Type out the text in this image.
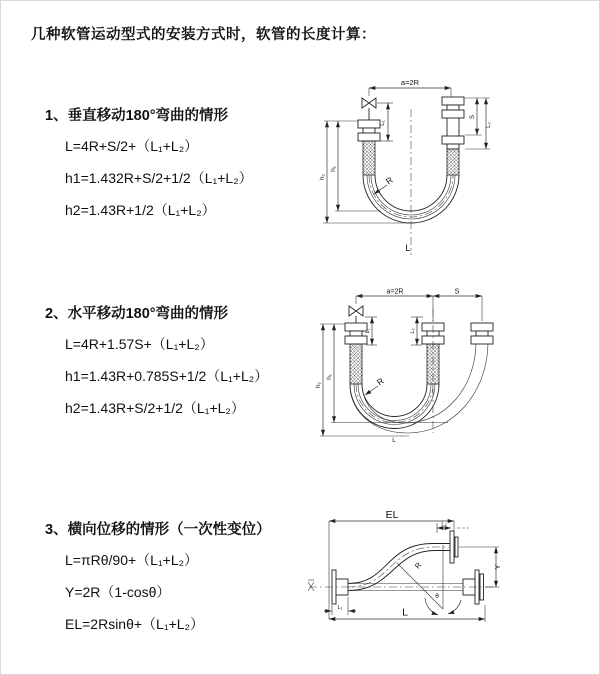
几种软管运动型式的安装方式时，软管的长度计算：
1、垂直移动180°弯曲的情形
L=4R+S/2+（L₁+L₂）
h1=1.432R+S/2+1/2（L₁+L₂）
h2=1.43R+1/2（L₁+L₂）
2、水平移动180°弯曲的情形
L=4R+1.57S+（L₁+L₂）
h1=1.43R+0.785S+1/2（L₁+L₂）
h2=1.43R+S/2+1/2（L₁+L₂）
3、横向位移的情形（一次性变位）
L=πRθ/90+（L₁+L₂）
Y=2R（1-cosθ）
EL=2Rsinθ+（L₁+L₂）
a=2R
h₂
h₁
L₁
S
L₂
R
L
a=2R	S
h₂
h₁
L₁	L₂
R
L
EL
L₂
Y
R
θ
L
L₁
